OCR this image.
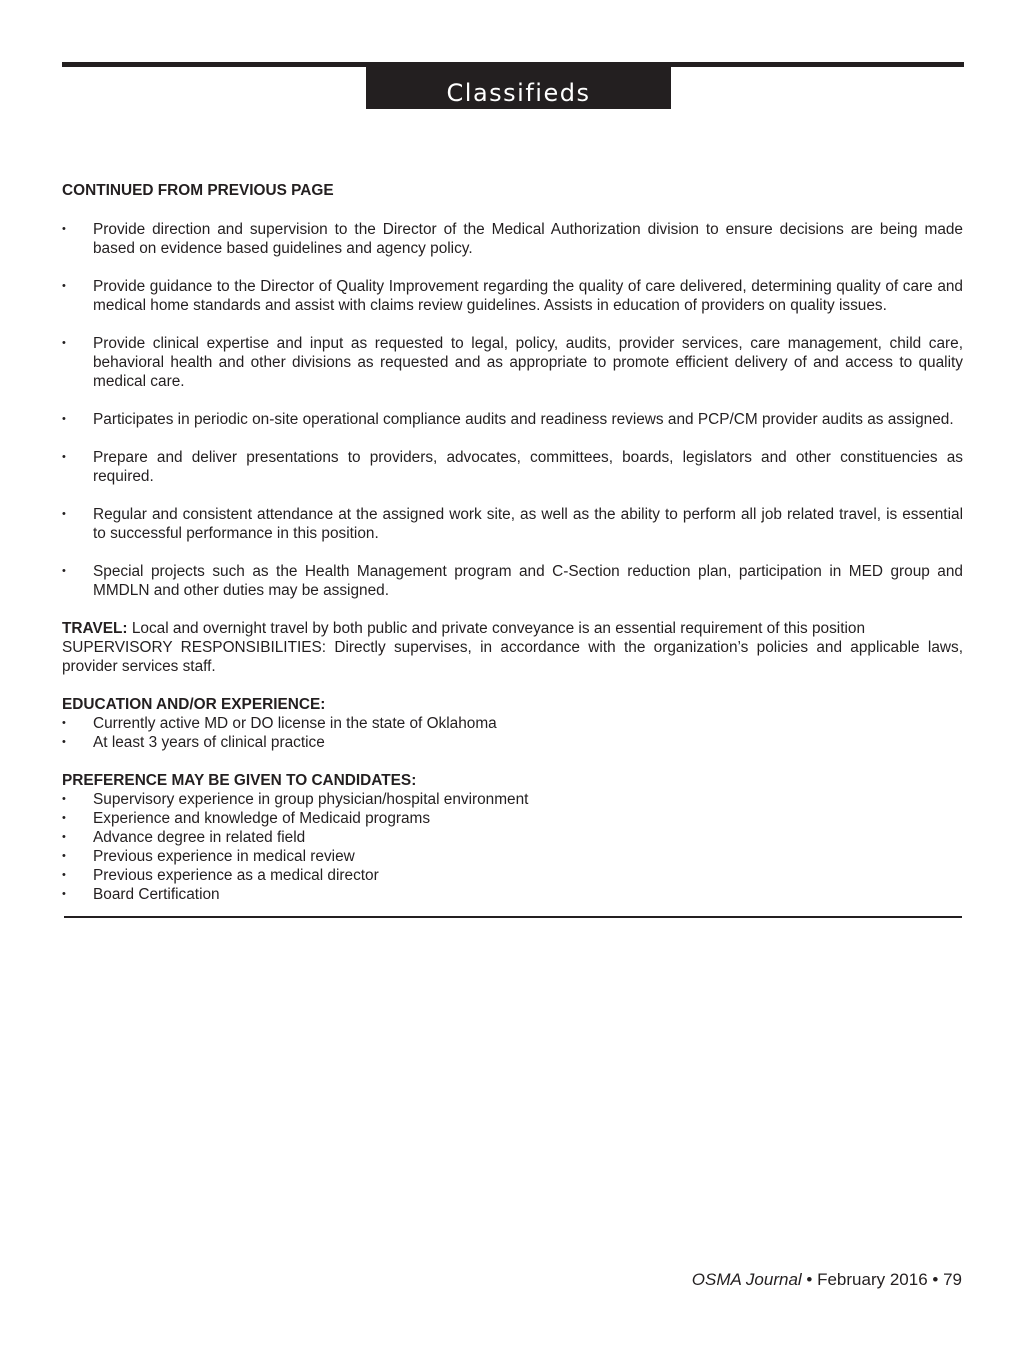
Classifieds

CONTINUED FROM PREVIOUS PAGE

• Provide direction and supervision to the Director of the Medical Authorization division to ensure decisions are being made based on evidence based guidelines and agency policy.
• Provide guidance to the Director of Quality Improvement regarding the quality of care delivered, determining quality of care and medical home standards and assist with claims review guidelines. Assists in education of providers on quality issues.
• Provide clinical expertise and input as requested to legal, policy, audits, provider services, care management, child care, behavioral health and other divisions as requested and as appropriate to promote efficient delivery of and access to quality medical care.
• Participates in periodic on-site operational compliance audits and readiness reviews and PCP/CM provider audits as assigned.
• Prepare and deliver presentations to providers, advocates, committees, boards, legislators and other constituencies as required.
• Regular and consistent attendance at the assigned work site, as well as the ability to perform all job related travel, is essential to successful performance in this position.
• Special projects such as the Health Management program and C-Section reduction plan, participation in MED group and MMDLN and other duties may be assigned.

TRAVEL: Local and overnight travel by both public and private conveyance is an essential requirement of this position

SUPERVISORY RESPONSIBILITIES: Directly supervises, in accordance with the organization’s policies and applicable laws, provider services staff.

EDUCATION AND/OR EXPERIENCE:

• Currently active MD or DO license in the state of Oklahoma
• At least 3 years of clinical practice

PREFERENCE MAY BE GIVEN TO CANDIDATES:

• Supervisory experience in group physician/hospital environment
• Experience and knowledge of Medicaid programs
• Advance degree in related field
• Previous experience in medical review
• Previous experience as a medical director
• Board Certification
OSMA Journal • February 2016 • 79
